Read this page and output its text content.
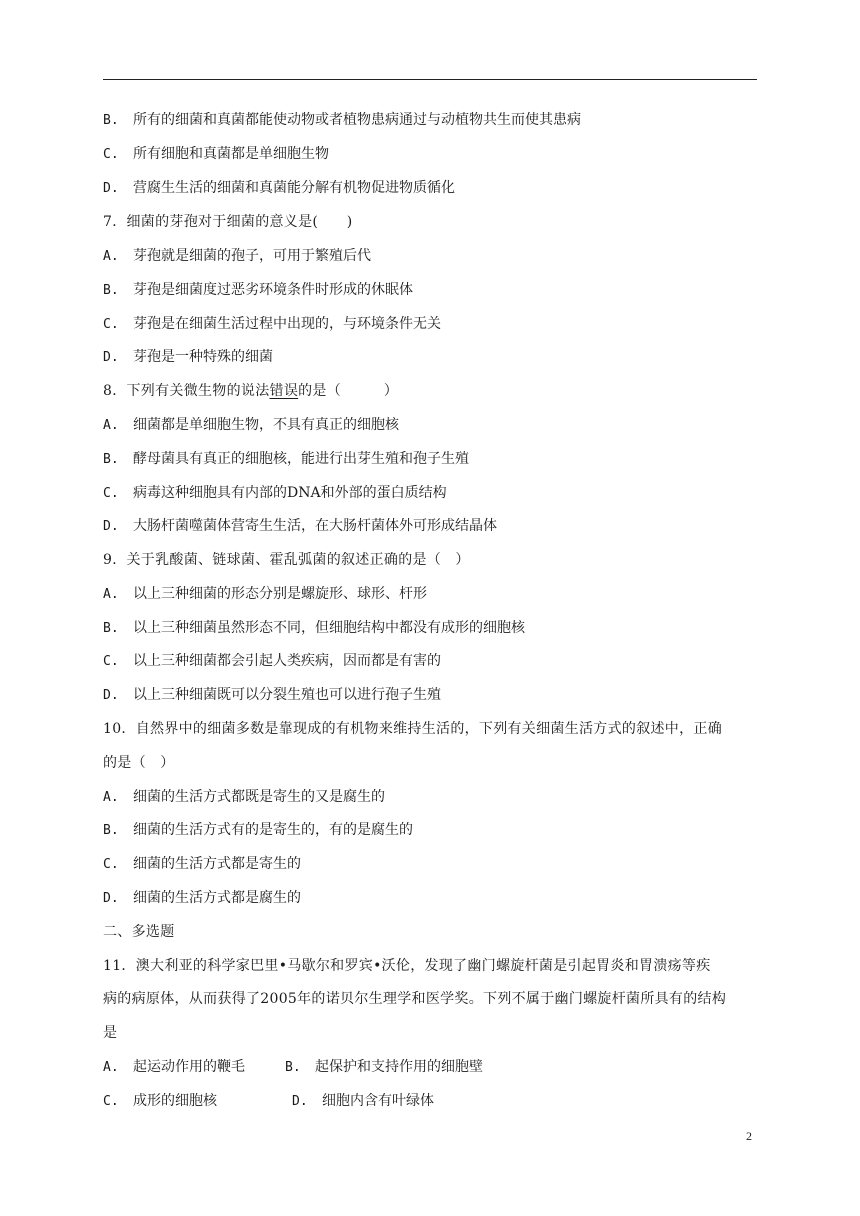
B. 所有的细菌和真菌都能使动物或者植物患病通过与动植物共生而使其患病
C. 所有细胞和真菌都是单细胞生物
D. 营腐生生活的细菌和真菌能分解有机物促进物质循化
7．细菌的芽孢对于细菌的意义是(　　)
A. 芽孢就是细菌的孢子，可用于繁殖后代
B. 芽孢是细菌度过恶劣环境条件时形成的休眠体
C. 芽孢是在细菌生活过程中出现的，与环境条件无关
D. 芽孢是一种特殊的细菌
8．下列有关微生物的说法错误的是（　　　）
A. 细菌都是单细胞生物，不具有真正的细胞核
B. 酵母菌具有真正的细胞核，能进行出芽生殖和孢子生殖
C. 病毒这种细胞具有内部的DNA和外部的蛋白质结构
D. 大肠杆菌噬菌体营寄生生活，在大肠杆菌体外可形成结晶体
9．关于乳酸菌、链球菌、霍乱弧菌的叙述正确的是（　）
A. 以上三种细菌的形态分别是螺旋形、球形、杆形
B. 以上三种细菌虽然形态不同，但细胞结构中都没有成形的细胞核
C. 以上三种细菌都会引起人类疾病，因而都是有害的
D. 以上三种细菌既可以分裂生殖也可以进行孢子生殖
10．自然界中的细菌多数是靠现成的有机物来维持生活的，下列有关细菌生活方式的叙述中，正确
的是（　）
A. 细菌的生活方式都既是寄生的又是腐生的
B. 细菌的生活方式有的是寄生的，有的是腐生的
C. 细菌的生活方式都是寄生的
D. 细菌的生活方式都是腐生的
二、多选题
11．澳大利亚的科学家巴里•马歇尔和罗宾•沃伦，发现了幽门螺旋杆菌是引起胃炎和胃溃疡等疾
病的病原体，从而获得了2005年的诺贝尔生理学和医学奖。下列不属于幽门螺旋杆菌所具有的结构
是
A. 起运动作用的鞭毛	B. 起保护和支持作用的细胞壁
C. 成形的细胞核	D. 细胞内含有叶绿体
2
